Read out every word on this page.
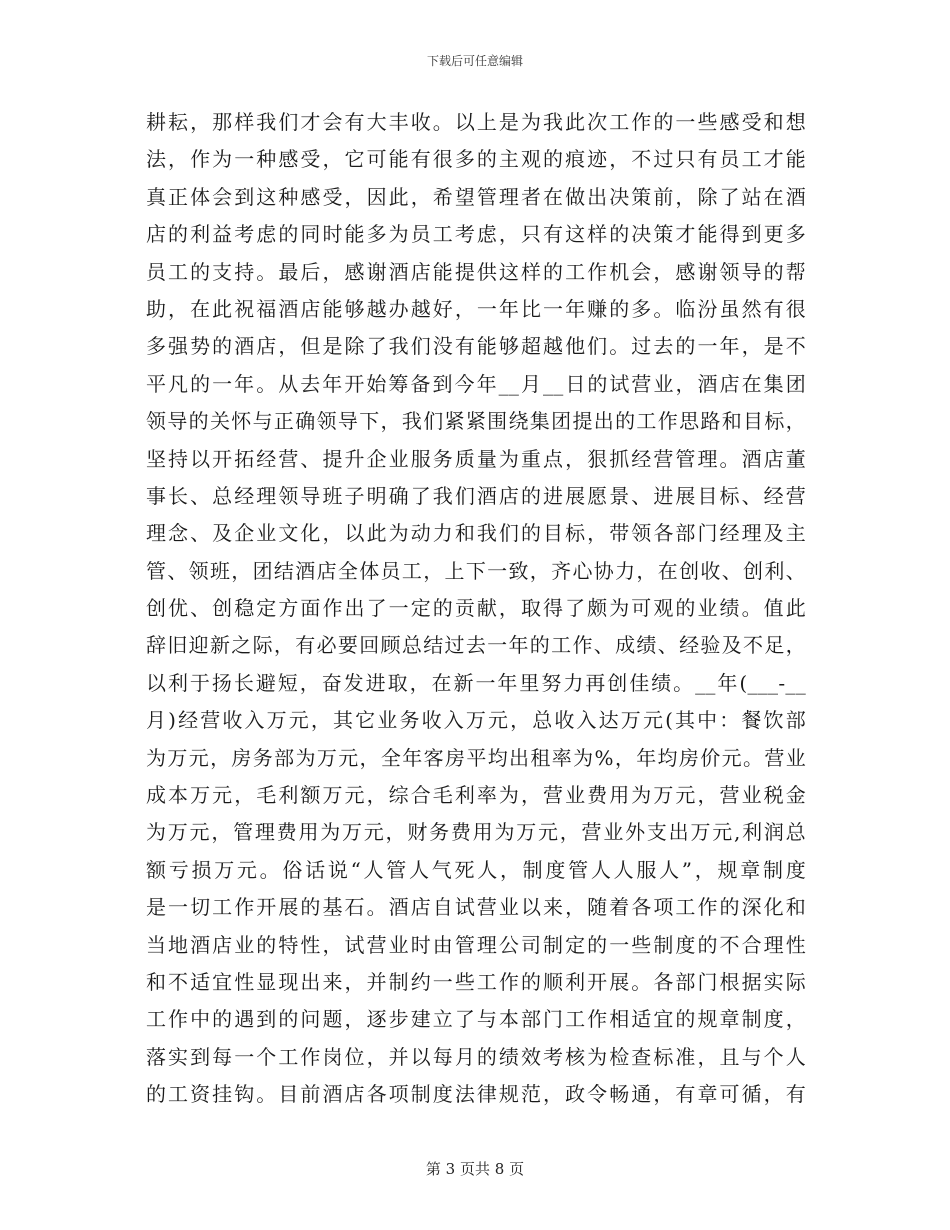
下载后可任意编辑
耕耘，那样我们才会有大丰收。以上是为我此次工作的一些感受和想
法，作为一种感受，它可能有很多的主观的痕迹，不过只有员工才能
真正体会到这种感受，因此，希望管理者在做出决策前，除了站在酒
店的利益考虑的同时能多为员工考虑，只有这样的决策才能得到更多
员工的支持。最后，感谢酒店能提供这样的工作机会，感谢领导的帮
助，在此祝福酒店能够越办越好，一年比一年赚的多。临汾虽然有很
多强势的酒店，但是除了我们没有能够超越他们。过去的一年，是不
平凡的一年。从去年开始筹备到今年__月__日的试营业，酒店在集团
领导的关怀与正确领导下，我们紧紧围绕集团提出的工作思路和目标，
坚持以开拓经营、提升企业服务质量为重点，狠抓经营管理。酒店董
事长、总经理领导班子明确了我们酒店的进展愿景、进展目标、经营
理念、及企业文化，以此为动力和我们的目标，带领各部门经理及主
管、领班，团结酒店全体员工，上下一致，齐心协力，在创收、创利、
创优、创稳定方面作出了一定的贡献，取得了颇为可观的业绩。值此
辞旧迎新之际，有必要回顾总结过去一年的工作、成绩、经验及不足，
以利于扬长避短，奋发进取，在新一年里努力再创佳绩。__年(___-__
月)经营收入万元，其它业务收入万元，总收入达万元(其中：餐饮部
为万元，房务部为万元，全年客房平均出租率为%，年均房价元。营业
成本万元，毛利额万元，综合毛利率为，营业费用为万元，营业税金
为万元，管理费用为万元，财务费用为万元，营业外支出万元,利润总
额亏损万元。俗话说“人管人气死人，制度管人人服人”，规章制度
是一切工作开展的基石。酒店自试营业以来，随着各项工作的深化和
当地酒店业的特性，试营业时由管理公司制定的一些制度的不合理性
和不适宜性显现出来，并制约一些工作的顺利开展。各部门根据实际
工作中的遇到的问题，逐步建立了与本部门工作相适宜的规章制度，
落实到每一个工作岗位，并以每月的绩效考核为检查标准，且与个人
的工资挂钩。目前酒店各项制度法律规范，政令畅通，有章可循，有
第 3 页共 8 页
